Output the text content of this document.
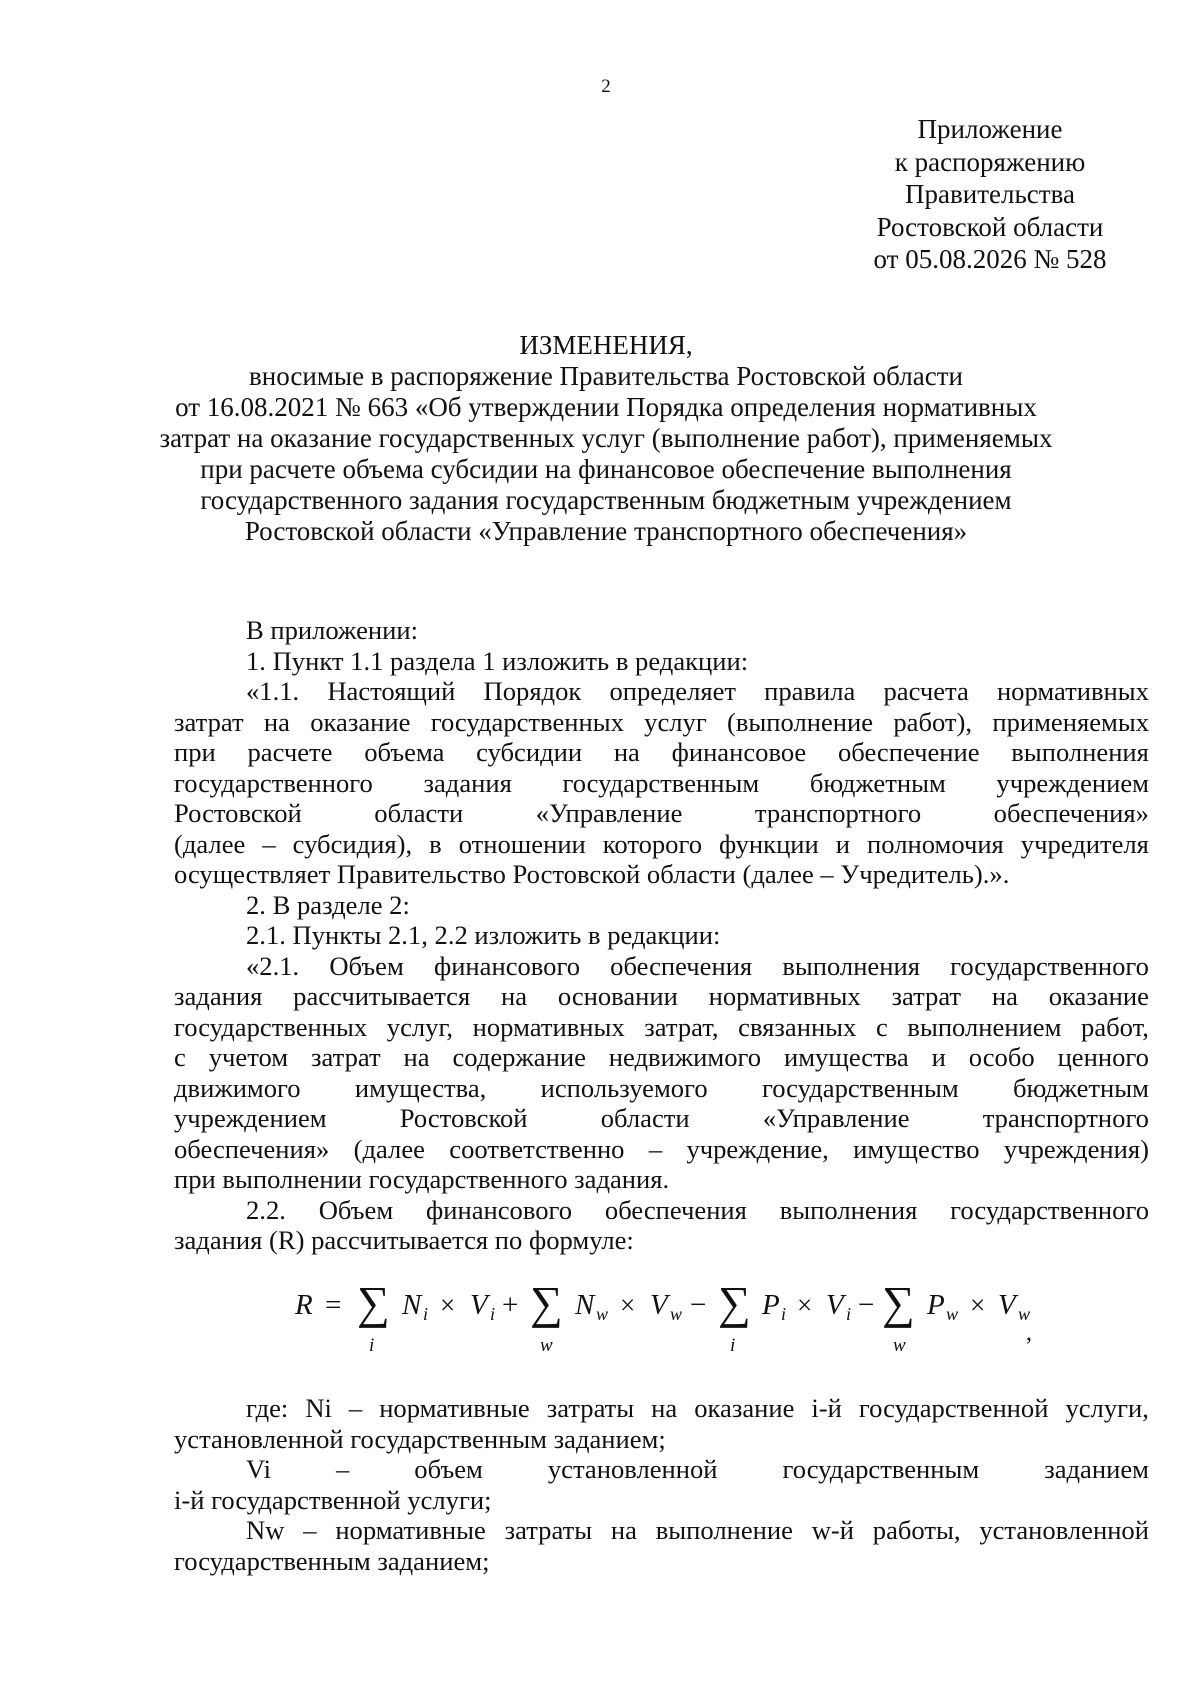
2
Приложение
к распоряжению
Правительства
Ростовской области
от 05.08.2026 № 528
ИЗМЕНЕНИЯ,
вносимые в распоряжение Правительства Ростовской области
от 16.08.2021 № 663 «Об утверждении Порядка определения нормативных
затрат на оказание государственных услуг (выполнение работ), применяемых
при расчете объема субсидии на финансовое обеспечение выполнения
государственного задания государственным бюджетным учреждением
Ростовской области «Управление транспортного обеспечения»
В приложении:
1. Пункт 1.1 раздела 1 изложить в редакции:
«1.1. Настоящий Порядок определяет правила расчета нормативных
затрат на оказание государственных услуг (выполнение работ), применяемых
при расчете объема субсидии на финансовое обеспечение выполнения
государственного задания государственным бюджетным учреждением
Ростовской	области	«Управление	транспортного	обеспечения»
(далее – субсидия), в отношении которого функции и полномочия учредителя
осуществляет Правительство Ростовской области (далее – Учредитель).».
2. В разделе 2:
2.1. Пункты 2.1, 2.2 изложить в редакции:
«2.1. Объем финансового обеспечения выполнения государственного
задания рассчитывается на основании нормативных затрат на оказание
государственных услуг, нормативных затрат, связанных с выполнением работ,
с учетом затрат на содержание недвижимого имущества и особо ценного
движимого имущества, используемого государственным бюджетным
учреждением	Ростовской	области	«Управление	транспортного
обеспечения» (далее соответственно – учреждение, имущество учреждения)
при выполнении государственного задания.
2.2. Объем финансового обеспечения выполнения государственного
задания (R) рассчитывается по формуле:
R = ∑
i
N i × V i + ∑
w
N w × V w − ∑
i
P i × V i − ∑
w
P w × V w
,
где: Ni – нормативные затраты на оказание i-й государственной услуги,
установленной государственным заданием;
Vi – объем установленной государственным заданием
i-й государственной услуги;
Nw – нормативные затраты на выполнение w-й работы, установленной
государственным заданием;
